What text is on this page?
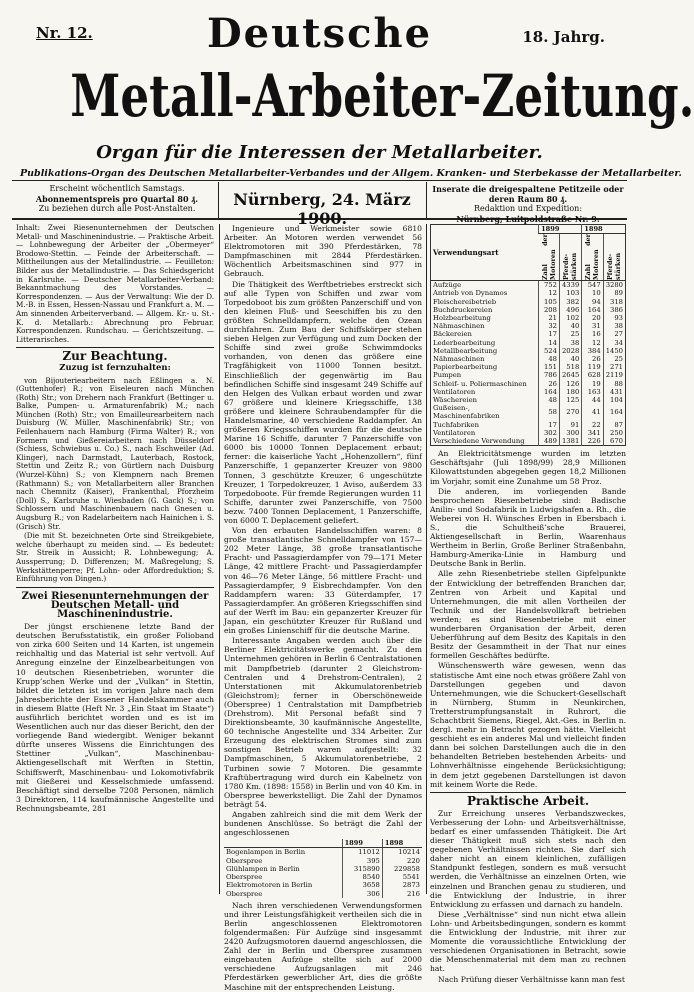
Nr. 12.	18. Jahrg.
Deutsche
Metall-Arbeiter-Zeitung.
Organ für die Interessen der Metallarbeiter.
Publikations-Organ des Deutschen Metallarbeiter-Verbandes und der Allgem. Kranken- und Sterbekasse der Metallarbeiter.
Erscheint wöchentlich Samstags.
Abonnementspreis pro Quartal 80 ₰.
Zu beziehen durch alle Post-Anstalten.	Nürnberg, 24. März 1900.
Inserate die dreigespaltene Petitzeile oder deren Raum 80 ₰.
Redaktion und Expedition:
Nürnberg, Luitpoldstraße Nr. 9.

Inhalt: Zwei Riesenunternehmen der Deutschen Metall- und Maschinenindustrie. — Praktische Arbeit. — Lohnbewegung der Arbeiter der „Obermeyer“ Brodowo-Stettin. — Feinde der Arbeiterschaft. — Mittheilungen aus der Metallindustrie. — Feuilleton: Bilder aus der Metallindustrie. — Das Schiedsgericht in Karlsruhe. — Deutscher Metallarbeiter-Verband: Bekanntmachung des Vorstandes. — Korrespondenzen. — Aus der Verwaltung: Wie der D. M.-B. in Essen, Hessen-Nassau und Frankfurt a. M. — Am sinnenden Arbeiterverband. — Allgem. Kr.- u. St.-K. d. Metallarb.: Abrechnung pro Februar. Korrespondenzen. Rundschau. — Gerichtszeitung. — Litterarisches.

Zur Beachtung.
Zuzug ist fernzuhalten:

von Bijouteriearbeitern nach Eßlingen a. N. (Guttenhofer) R.; von Eiseleuren nach München (Roth) Str.; von Drehern nach Frankfurt (Bettinger u. Balke, Pumpen- u. Armaturenfabrik) M.; nach München (Roth) Str.; von Emailleurearbeitern nach Duisburg (W. Müller, Maschinenfabrik) Str.; von Feilenhauern nach Hamburg (Firma Walter) R.; von Formern und Gießereiarbeitern nach Düsseldorf (Schiess, Schwiebus u. Co.) S., nach Eschweiler (Ad. Klinger), nach Darmstadt, Lauterbach, Rostock, Stettin und Zeitz R.; von Gürtlern nach Duisburg (Wurzel-Kühn) S.; von Klempnern nach Bremen (Rathmann) S.; von Metallarbeitern aller Branchen nach Chemnitz (Kaiser), Frankenthal, Pforzheim (Doll) S., Karlsruhe u. Wiesbaden (G. Gack) S.; von Schlossern und Maschinenbauern nach Gnesen u. Augsburg R.; von Radelarbeitern nach Hainichen i. S. (Grisch) Str.

(Die mit St. bezeichneten Orte sind Streikgebiete, welche überhaupt zu meiden sind. — Es bedeutet: Str. Streik in Aussicht; R. Lohnbewegung; A. Aussperrung; D. Differenzen; M. Maßregelung; S. Werkstättenperre; Pf. Lohn- oder Affordreduktion; S. Einführung von Dingen.)

Zwei Riesenunternehmungen der Deutschen Metall- und Maschinenindustrie.

Der jüngst erschienene letzte Band der deutschen Berufsstatistik, ein großer Folioband von zirka 600 Seiten und 14 Karten, ist ungemein reichhaltig und das Material ist sehr vertvoll. Auf Anregung einzelne der Einzelbearbeitungen von 10 deutschen Riesenbetrieben, worunter die Krupp’schen Werke und der „Vulkan“ in Stettin, bildet die letzten ist im vorigen Jahre nach dem Jahresberichte der Essener Handelskammer auch in diesem Blatte (Heft Nr. 3 „Ein Staat im Staate“) ausführlich berichtet worden und es ist im Wesentlichen auch nur das dieser Bericht, den der vorliegende Band wiedergibt. Weniger bekannt dürfte unseres Wissens die Einrichtungen des Stettiner „Vulkan“, Maschinenbau-Aktiengesellschaft mit Werften in Stettin, Schiffswerft, Maschinenbau- und Lokomotivfabrik mit Gießerei und Kesselschmiede umfassend. Beschäftigt sind derselbe 7208 Personen, nämlich 3 Direktoren, 114 kaufmännische Angestellte und Rechnungsbeamte, 281

Ingenieure und Werkmeister sowie 6810 Arbeiter. An Motoren werden verwendet 56 Elektromotoren mit 390 Pferdestärken, 78 Dampfmaschinen mit 2844 Pferdestärken. Wöchentlich Arbeitsmaschinen sind 977 in Gebrauch.

Die Thätigkeit des Werftbetriebes erstreckt sich auf alle Typen von Schiffen und zwar vom Torpedoboot bis zum größten Panzerschiff und von den kleinen Fluß- und Seeschiffen bis zu den größten Schnelldampfern, welche den Ozean durchfahren. Zum Bau der Schiffskörper stehen sieben Helgen zur Verfügung und zum Docken der Schiffe sind zwei große Schwimmdocks vorhanden, von denen das größere eine Tragfähigkeit von 11000 Tonnen besitzt. Einschließlich der gegenwärtig im Bau befindlichen Schiffe sind insgesamt 249 Schiffe auf den Helgen des Vulkan erbaut worden und zwar 67 größere und kleinere Kriegsschiffe, 138 größere und kleinere Schraubendampfer für die Handelsmarine, 40 verschiedene Raddampfer. An größeren Kriegsschiffen wurden für die deutsche Marine 16 Schiffe, darunter 7 Panzerschiffe von 6000 bis 10000 Tonnen Deplacement erbaut; ferner: die kaiserliche Yacht „Hohenzollern“, fünf Panzerschiffe, 1 gepanzerter Kreuzer von 9800 Tonnen, 3 geschützte Kreuzer, 6 ungeschützte Kreuzer, 1 Torpedokreuzer, 1 Aviso, außerdem 33 Torpedoboote. Für fremde Regierungen wurden 11 Schiffe, darunter zwei Panzerschiffe, von 7500 bezw. 7400 Tonnen Deplacement, 1 Panzerschiffe, von 6000 T. Deplacement geliefert.

Von den erbauten Handelsschiffen waren: 8 große transatlantische Schnelldampfer von 157—202 Meter Länge, 38 große transatlantische Fracht- und Passagierdampfer von 79—171 Meter Länge, 42 mittlere Fracht- und Passagierdampfer von 46—76 Meter Länge, 56 mittlere Fracht- und Passagierdampfer, 9 Eisbrechdampfer. Von den Raddampfern waren: 33 Güterdampfer, 17 Passagierdampfer. An größeren Kriegsschiffen sind auf der Werft im Bau: ein gepanzerter Kreuzer für Japan, ein geschützter Kreuzer für Rußland und ein großes Linienschiff für die deutsche Marine.

Interessante Angaben werden auch über die Berliner Elektricitätswerke gemacht. Zu dem Unternehmen gehören in Berlin 6 Centralstationen mit Dampfbetrieb (darunter 2 Gleichstrom-Centralen und 4 Drehstrom-Centralen), 2 Unterstationen mit Akkumulatorenbetrieb (Gleichstrom); ferner in Oberschöneweide (Oberspree) 1 Centralstation mit Dampfbetrieb (Drehstrom). Mit Personal befaßt sind 7 Direktionsbeamte, 30 kaufmännische Angestellte, 60 technische Angestellte und 334 Arbeiter. Zur Erzeugung des elektrischen Stromes sind zum sonstigen Betrieb waren aufgestellt: 32 Dampfmaschinen, 5 Akkumulatorenbetriebe, 2 Turbinen sowie 7 Motoren. Die gesammte Kraftübertragung wird durch ein Kabelnetz von 1780 Km. (1898: 1558) in Berlin und von 40 Km. in Oberspree bewerkstelligt. Die Zahl der Dynamos beträgt 54.

Angaben zahlreich sind die mit dem Werk der bundenen Anschlüsse. So beträgt die Zahl der angeschlossenen

	1899	1898
Bogenlampen in Berlin	11012	10214
Oberspree	395	220
Glühlampen in Berlin	315890	229858
Oberspree	8540	5541
Elektromotoren in Berlin	3658	2873
Oberspree	306	216

Nach ihren verschiedenen Verwendungsformen und ihrer Leistungsfähigkeit vertheilen sich die in Berlin angeschlossenen Elektromotoren folgendermaßen: Für Aufzüge sind insgesammt 2420 Aufzugsmotoren dauernd angeschlossen, die Zahl der in Berlin und Oberspree zusammen eingebauten Aufzüge stellte sich auf 2000 verschiedene Aufzugsanlagen mit 246 Pferdestärken gewerblicher Art, dies die größte Maschine mit der entsprechenden Leistung.

Verwendungsart	1899		1898	

	Zahl der Motoren	Pferde-stärken	Zahl der Motoren	Pferde-stärken

Aufzüge	752	4339	547	3280
Antrieb von Dynamos	12	103	10	89
Fleischereibetrieb	105	382	94	318
Buchdruckereien	208	496	164	386
Holzbearbeitung	21	102	20	93
Nähmaschinen	32	40	31	38
Bäckereien	17	25	16	27
Lederbearbeitung	14	38	12	34
Metallbearbeitung	524	2028	384	1450
Nähmaschinen	48	40	26	25
Papierbearbeitung	151	518	119	271
Pumpen	786	2645	628	2119
Schleif- u. Poliermaschinen	26	126	19	88
Ventilatoren	164	180	163	431
Wäschereien	48	125	44	104
Gußeisen-, Maschinenfabriken	58	270	41	164
Tuchfabriken	17	91	22	87
Ventilatoren	302	300	341	250
Verschiedene Verwendung	489	1381	226	670

An Elektricitätsmenge wurden im letzten Geschäftsjahr (Juli 1898/99) 28,9 Millionen Kilowattstunden abgegeben gegen 18,2 Millionen im Vorjahr, somit eine Zunahme um 58 Proz.

Die anderen, im vorliegenden Bande besprochenen Riesenbetriebe sind: Badische Anilin- und Sodafabrik in Ludwigshafen a. Rh., die Weberei von H. Wünsches Erben in Ebersbach i. S., die Schultheiß’sche Brauerei, Aktiengesellschaft in Berlin, Waarenhaus Wertheim in Berlin, Große Berliner Straßenbahn, Hamburg-Amerika-Linie in Hamburg und Deutsche Bank in Berlin.

Alle zehn Riesenbetriebe stellen Gipfelpunkte der Entwicklung der betreffenden Branchen dar, Zentren von Arbeit und Kapital und Unternehmungen, die mit allen Vortheilen der Technik und der Handelsvollkraft betrieben werden; es sind Riesenbetriebe mit einer wunderbaren Organisation der Arbeit, deren Ueberführung auf dem Besitz des Kapitals in den Besitz der Gesammtheit in der That nur eines formellen Geschäftes bedürfte.

Wünschenswerth wäre gewesen, wenn das statistische Amt eine noch etwas größere Zahl von Darstellungen gegeben und davon Unternehmungen, wie die Schuckert-Gesellschaft in Nürnberg, Stumm in Neunkirchen, Tretterstrumpfungsanstalt in Ruhrort, die Schachtbrit Siemens, Riegel, Akt.-Ges. in Berlin n. dergl. mehr in Betracht gezogen hätte. Vielleicht geschieht es ein anderes Mal und vielleicht finden dann bei solchen Darstellungen auch die in den behandelten Betrieben bestehenden Arbeits- und Lohnverhältnisse eingehende Berücksichtigung; in dem jetzt gegebenen Darstellungen ist davon mit keinem Worte die Rede.

Praktische Arbeit.

Zur Erreichung unseres Verbandszweckes, Verbesserung der Lohn- und Arbeitsverhältnisse, bedarf es einer umfassenden Thätigkeit. Die Art dieser Thätigkeit muß sich stets nach den gegebenen Verhältnissen richten. Sie darf sich daher nicht an einem kleinlichen, zufälligen Standpunkt festlegen, sondern es muß versucht werden, die Verhältnisse an einzelnen Orten, wie einzelnen und Branchen genau zu studieren, und die Entwicklung der Industrie, in ihrer Entwicklung zu erfassen und darnach zu handeln.

Diese „Verhältnisse“ sind nun nicht etwa allein Lohn- und Arbeitsbedingungen, sondern es kommt die Entwicklung der Industrie, mit ihrer zur Momente die voraussichtliche Entwicklung der verschiedenen Organisationen in Betracht, sowie die Menschenmaterial mit dem man zu rechnen hat.

Nach Prüfung dieser Verhältnisse kann man fest
